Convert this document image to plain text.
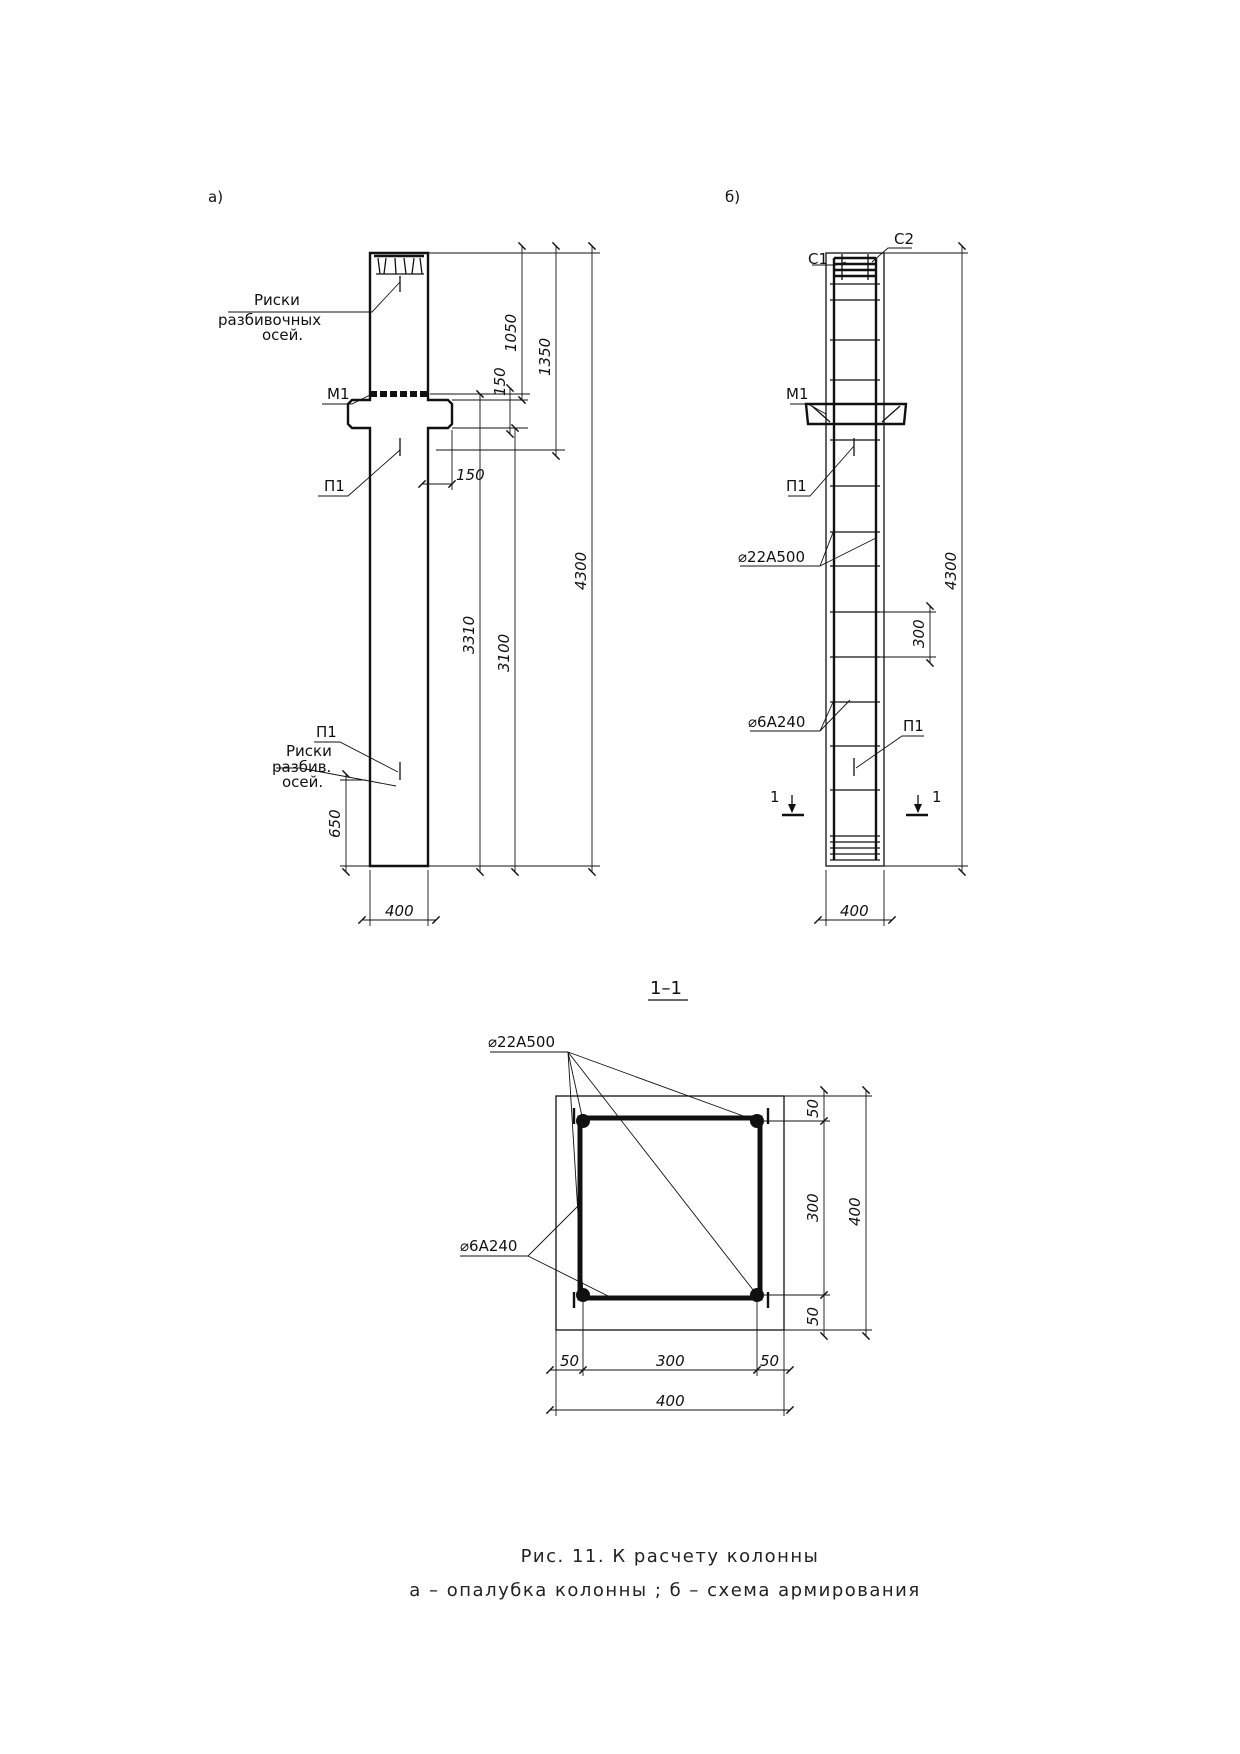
а)
Риски
разбивочных
осей.
М1
П1
П1
Риски
разбив.
осей.
1050
1350
150
150
3310 3100
4300
650
400
б)
С1
С2
М1
П1
⌀22А500
⌀6А240	П1
1	1
4300
300
400
1–1
⌀22А500
⌀6А240
50
300
50
400
50	300	50
400
Рис. 11. К расчету колонны
а – опалубка колонны ; б – схема армирования
